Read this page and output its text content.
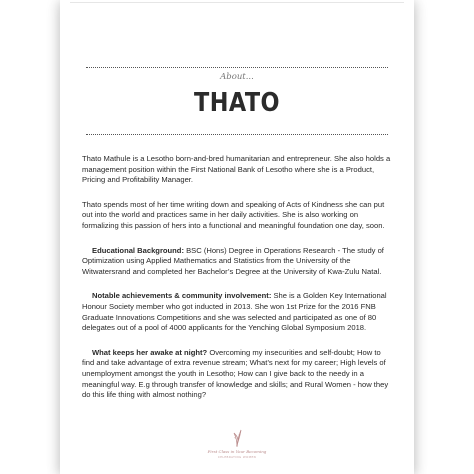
About...
THATO

Thato Mathule is a Lesotho born-and-bred humanitarian and entrepreneur. She also holds a management position within the First National Bank of Lesotho where she is a Product, Pricing and Profitability Manager.

Thato spends most of her time writing down and speaking of Acts of Kindness she can put out into the world and practices same in her daily activities. She is also working on formalizing this passion of hers into a functional and meaningful foundation one day, soon.

Educational Background: BSC (Hons) Degree in Operations Research - The study of Optimization using Applied Mathematics and Statistics from the University of the Witwatersrand and completed her Bachelor’s Degree at the University of Kwa-Zulu Natal.

Notable achievements & community involvement: She is a Golden Key International Honour Society member who got inducted in 2013. She won 1st Prize for the 2016 FNB Graduate Innovations Competitions and she was selected and participated as one of 80 delegates out of a pool of 4000 applicants for the Yenching Global Symposium 2018.

What keeps her awake at night? Overcoming my insecurities and self-doubt; How to find and take advantage of extra revenue stream; What’s next for my career; High levels of unemployment amongst the youth in Lesotho; How can I give back to the needy in a meaningful way. E.g through transfer of knowledge and skills; and Rural Women - how they do this life thing with almost nothing?

First Class in Your Becoming
CELEBRATING WOMEN
